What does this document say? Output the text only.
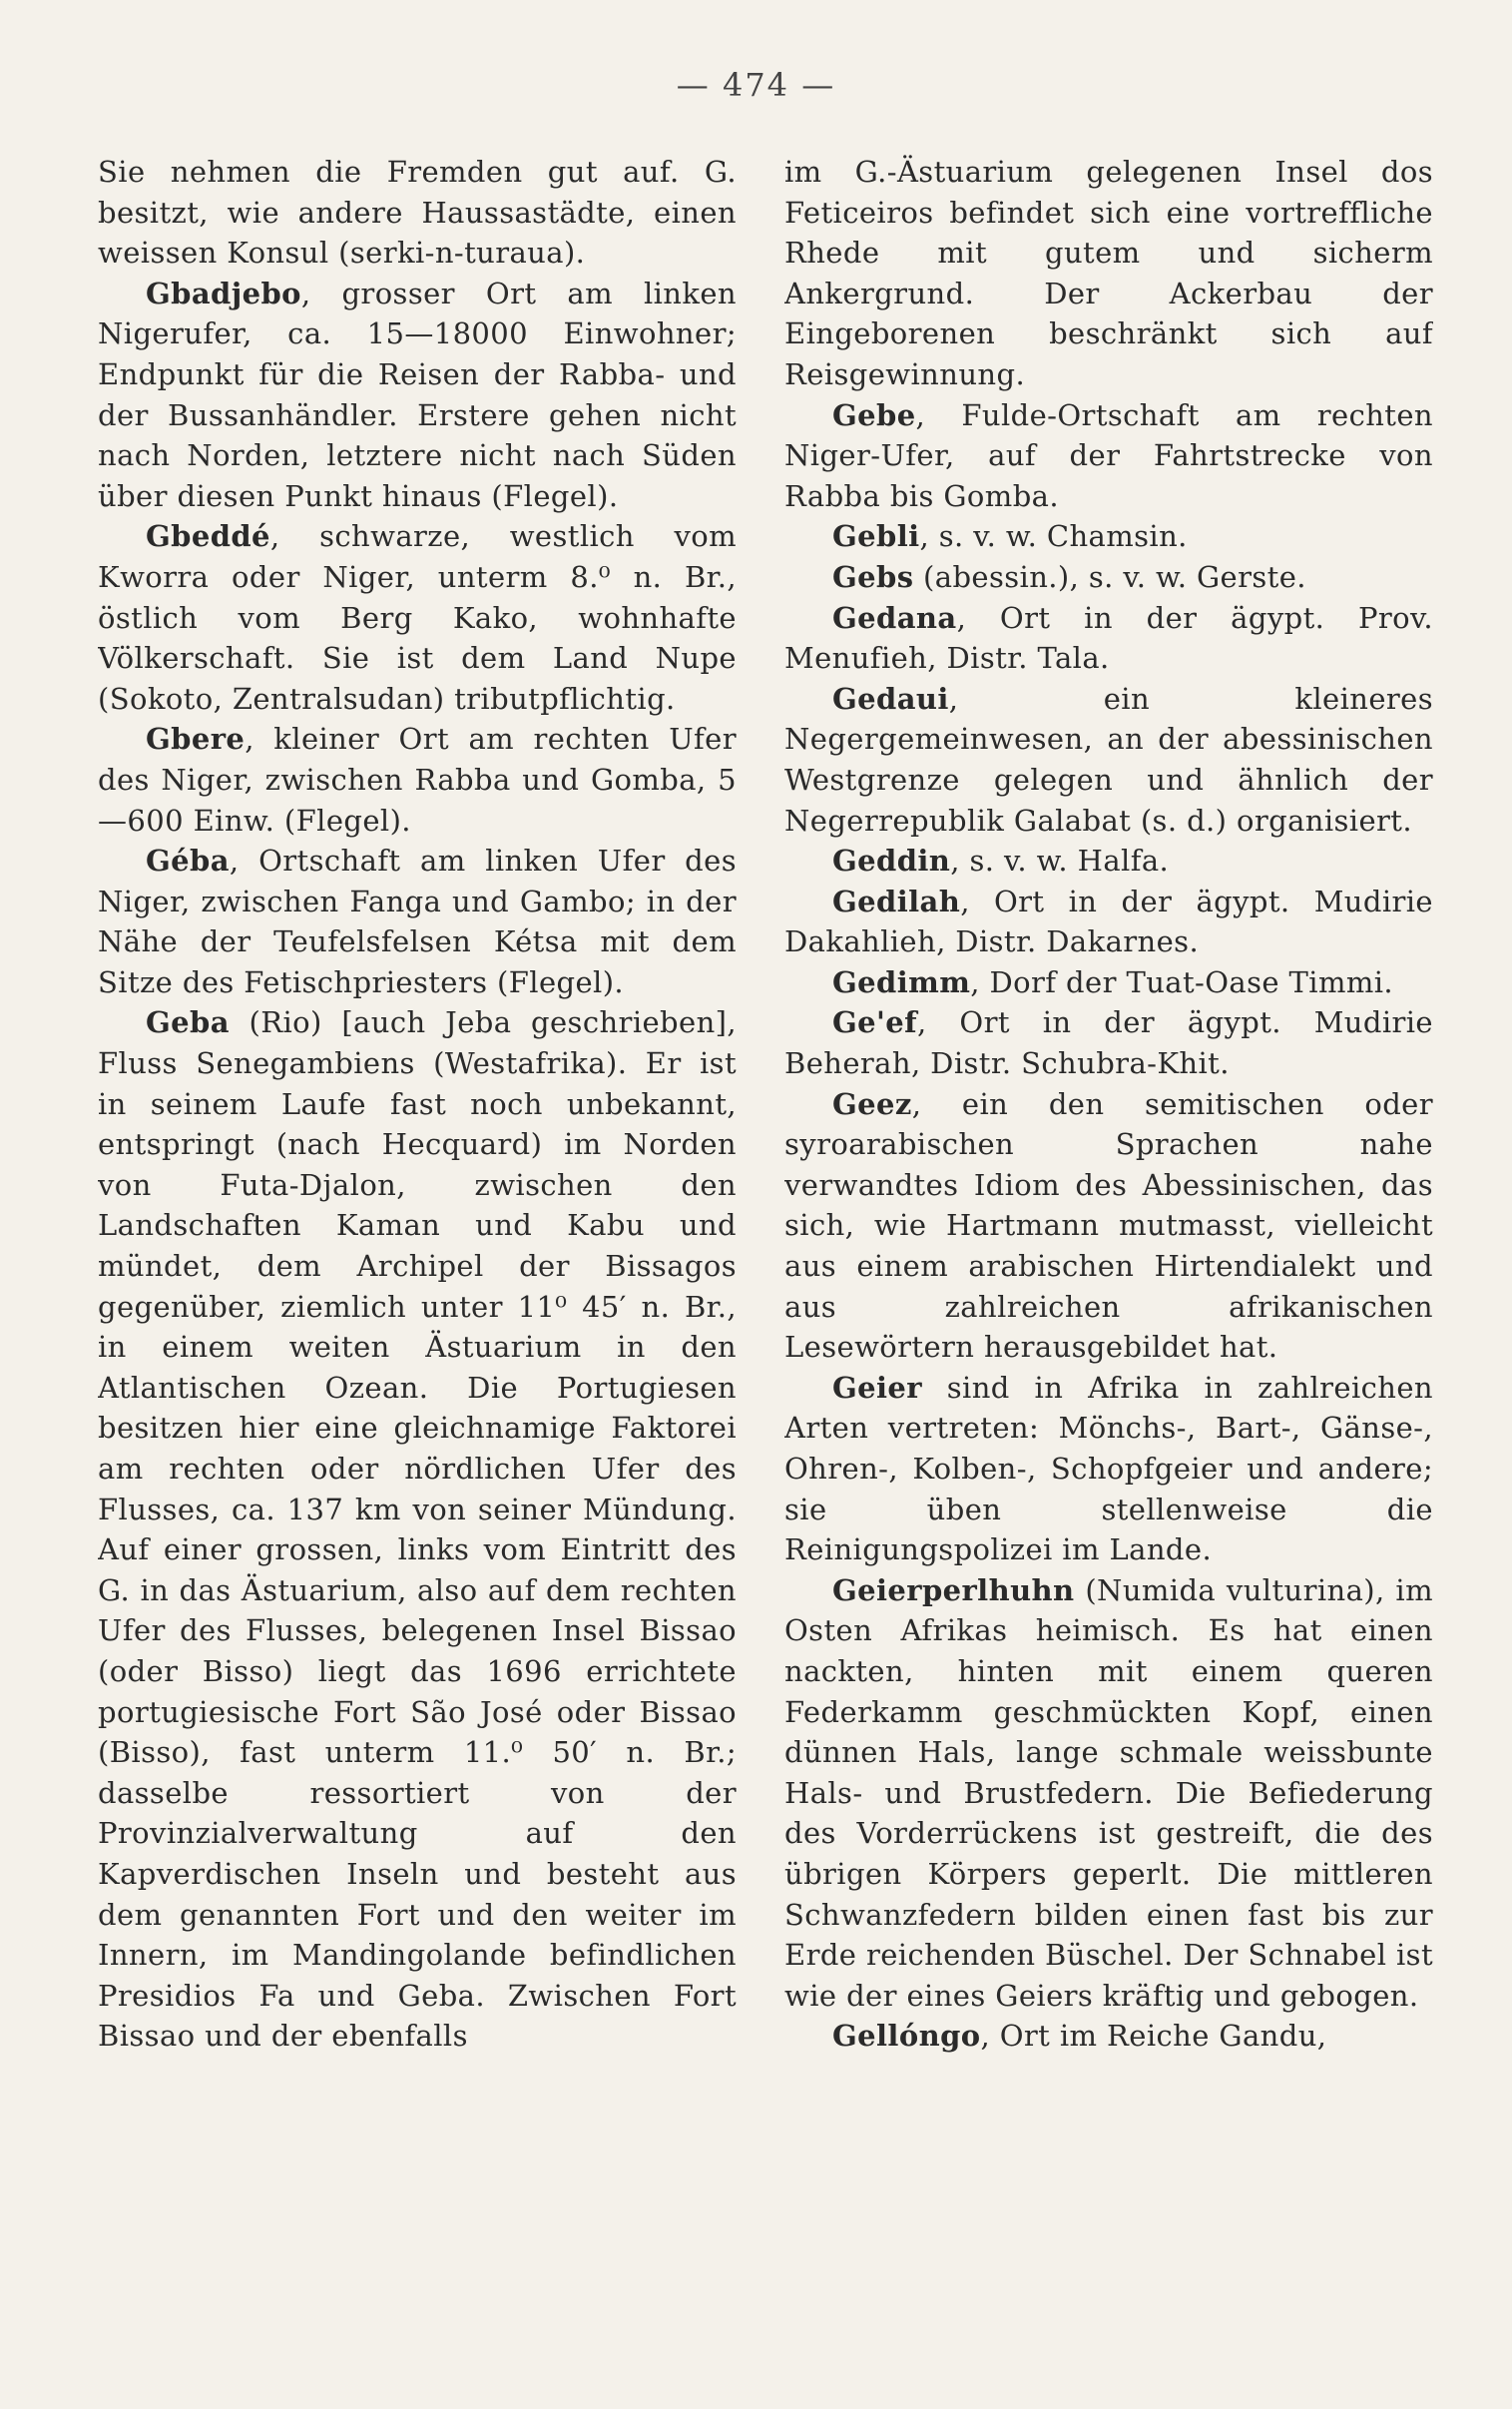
— 474 —

Sie nehmen die Fremden gut auf. G. besitzt, wie andere Haussastädte, einen weissen Konsul (serki-n-turaua).

Gbadjebo, grosser Ort am linken Nigerufer, ca. 15—18000 Einwohner; Endpunkt für die Reisen der Rabba- und der Bussanhändler. Erstere gehen nicht nach Norden, letztere nicht nach Süden über diesen Punkt hinaus (Flegel).

Gbeddé, schwarze, westlich vom Kworra oder Niger, unterm 8.⁰ n. Br., östlich vom Berg Kako, wohnhafte Völkerschaft. Sie ist dem Land Nupe (Sokoto, Zentralsudan) tributpflichtig.

Gbere, kleiner Ort am rechten Ufer des Niger, zwischen Rabba und Gomba, 5—600 Einw. (Flegel).

Géba, Ortschaft am linken Ufer des Niger, zwischen Fanga und Gambo; in der Nähe der Teufelsfelsen Kétsa mit dem Sitze des Fetischpriesters (Flegel).

Geba (Rio) [auch Jeba geschrieben], Fluss Senegambiens (Westafrika). Er ist in seinem Laufe fast noch unbekannt, entspringt (nach Hecquard) im Norden von Futa-Djalon, zwischen den Landschaften Kaman und Kabu und mündet, dem Archipel der Bissagos gegenüber, ziemlich unter 11⁰ 45′ n. Br., in einem weiten Ästuarium in den Atlantischen Ozean. Die Portugiesen besitzen hier eine gleichnamige Faktorei am rechten oder nördlichen Ufer des Flusses, ca. 137 km von seiner Mündung. Auf einer grossen, links vom Eintritt des G. in das Ästuarium, also auf dem rechten Ufer des Flusses, belegenen Insel Bissao (oder Bisso) liegt das 1696 errichtete portugiesische Fort São José oder Bissao (Bisso), fast unterm 11.⁰ 50′ n. Br.; dasselbe ressortiert von der Provinzialverwaltung auf den Kapverdischen Inseln und besteht aus dem genannten Fort und den weiter im Innern, im Mandingolande befindlichen Presidios Fa und Geba. Zwischen Fort Bissao und der ebenfalls

im G.-Ästuarium gelegenen Insel dos Feticeiros befindet sich eine vortreffliche Rhede mit gutem und sicherm Ankergrund. Der Ackerbau der Eingeborenen beschränkt sich auf Reisgewinnung.

Gebe, Fulde-Ortschaft am rechten Niger-Ufer, auf der Fahrtstrecke von Rabba bis Gomba.

Gebli, s. v. w. Chamsin.

Gebs (abessin.), s. v. w. Gerste.

Gedana, Ort in der ägypt. Prov. Menufieh, Distr. Tala.

Gedaui, ein kleineres Negergemeinwesen, an der abessinischen Westgrenze gelegen und ähnlich der Negerrepublik Galabat (s. d.) organisiert.

Geddin, s. v. w. Halfa.

Gedilah, Ort in der ägypt. Mudirie Dakahlieh, Distr. Dakarnes.

Gedimm, Dorf der Tuat-Oase Timmi.

Ge'ef, Ort in der ägypt. Mudirie Beherah, Distr. Schubra-Khit.

Geez, ein den semitischen oder syroarabischen Sprachen nahe verwandtes Idiom des Abessinischen, das sich, wie Hartmann mutmasst, vielleicht aus einem arabischen Hirtendialekt und aus zahlreichen afrikanischen Lesewörtern herausgebildet hat.

Geier sind in Afrika in zahlreichen Arten vertreten: Mönchs-, Bart-, Gänse-, Ohren-, Kolben-, Schopfgeier und andere; sie üben stellenweise die Reinigungspolizei im Lande.

Geierperlhuhn (Numida vulturina), im Osten Afrikas heimisch. Es hat einen nackten, hinten mit einem queren Federkamm geschmückten Kopf, einen dünnen Hals, lange schmale weissbunte Hals- und Brustfedern. Die Befiederung des Vorderrückens ist gestreift, die des übrigen Körpers geperlt. Die mittleren Schwanzfedern bilden einen fast bis zur Erde reichenden Büschel. Der Schnabel ist wie der eines Geiers kräftig und gebogen.

Gellóngo, Ort im Reiche Gandu,
